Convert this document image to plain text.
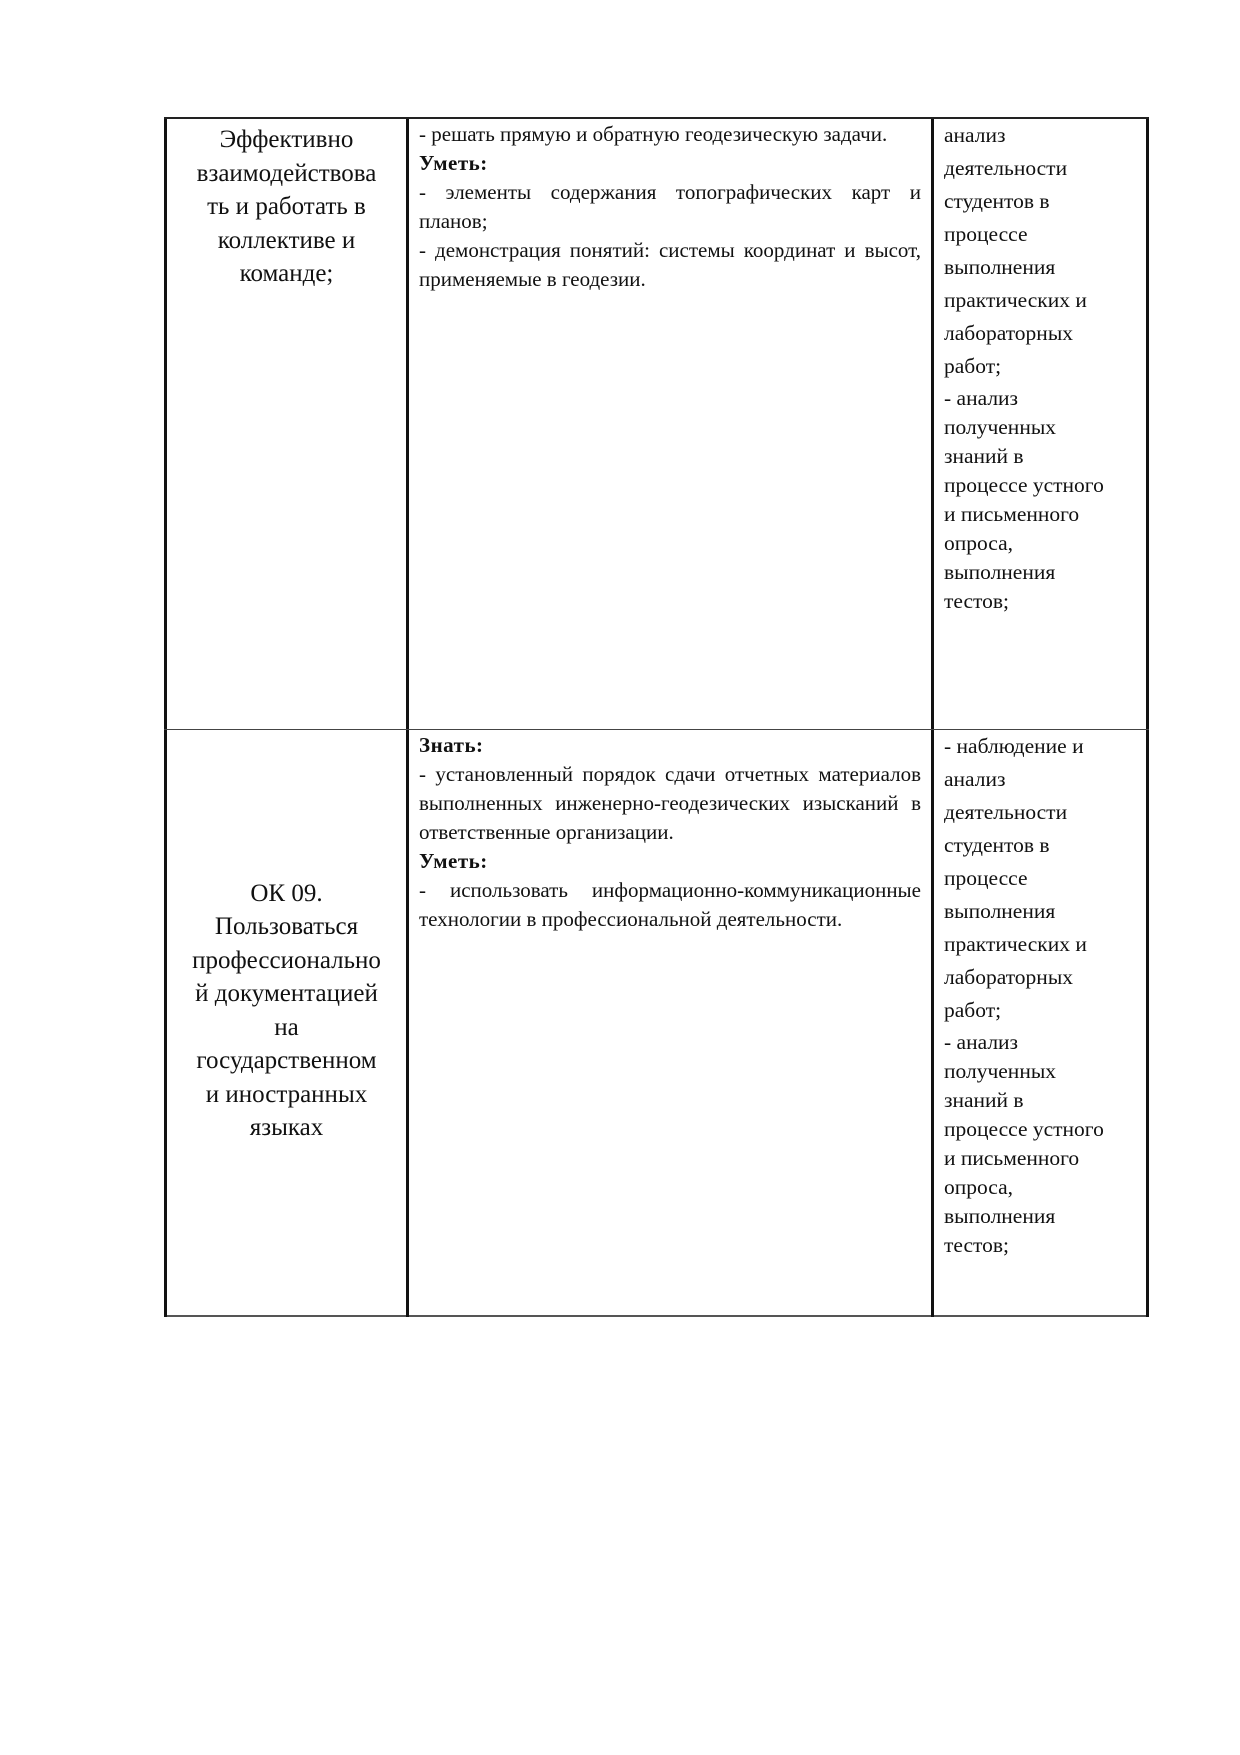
Эффективно
взаимодействова
ть и работать в
коллективе и
команде;

- решать прямую и обратную геодезическую задачи.

Уметь:

- элементы содержания топографических карт и планов;

- демонстрация понятий: системы координат и высот, применяемые в геодезии.

анализ
деятельности
студентов в
процессе
выполнения
практических и
лабораторных
работ;
- анализ
полученных
знаний в
процессе устного
и письменного
опроса,
выполнения
тестов;
ОК 09.
Пользоваться
профессионально
й документацией
на
государственном
и иностранных
языках

Знать:

- установленный порядок сдачи отчетных материалов выполненных инженерно-геодезических изысканий в ответственные организации.

Уметь:

- использовать информационно-коммуникационные технологии в профессиональной деятельности.

- наблюдение и
анализ
деятельности
студентов в
процессе
выполнения
практических и
лабораторных
работ;
- анализ
полученных
знаний в
процессе устного
и письменного
опроса,
выполнения
тестов;
